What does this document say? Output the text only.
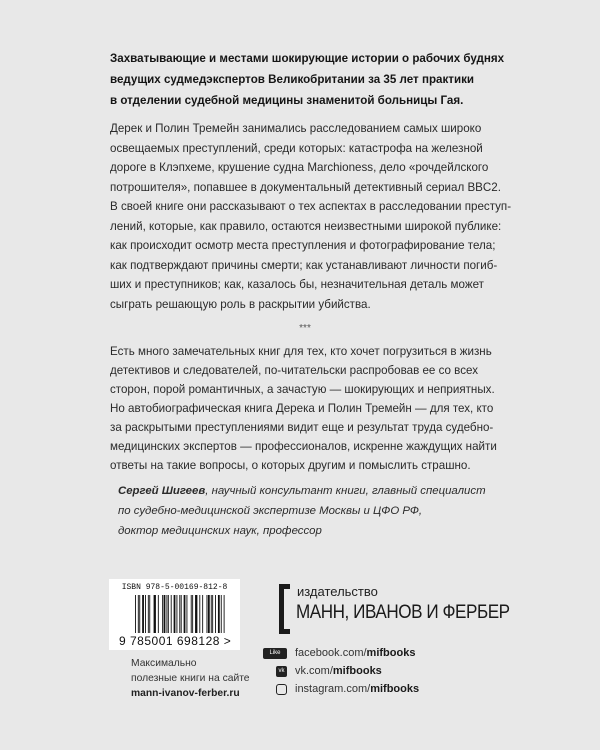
Захватывающие и местами шокирующие истории о рабочих буднях
ведущих судмедэкспертов Великобритании за 35 лет практики
в отделении судебной медицины знаменитой больницы Гая.
Дерек и Полин Тремейн занимались расследованием самых широко
освещаемых преступлений, среди которых: катастрофа на железной
дороге в Клэпхеме, крушение судна Marchioness, дело «рочдейлского
потрошителя», попавшее в документальный детективный сериал BBC2.
В своей книге они рассказывают о тех аспектах в расследовании преступ-
лений, которые, как правило, остаются неизвестными широкой публике:
как происходит осмотр места преступления и фотографирование тела;
как подтверждают причины смерти; как устанавливают личности погиб-
ших и преступников; как, казалось бы, незначительная деталь может
сыграть решающую роль в раскрытии убийства.
***
Есть много замечательных книг для тех, кто хочет погрузиться в жизнь
детективов и следователей, по-читательски распробовав ее со всех
сторон, порой романтичных, а зачастую — шокирующих и неприятных.
Но автобиографическая книга Дерека и Полин Тремейн — для тех, кто
за раскрытыми преступлениями видит еще и результат труда судебно-
медицинских экспертов — профессионалов, искренне жаждущих найти
ответы на такие вопросы, о которых другим и помыслить страшно.
Сергей Шигеев, научный консультант книги, главный специалист
по судебно-медицинской экспертизе Москвы и ЦФО РФ,
доктор медицинских наук, профессор
ISBN 978-5-00169-812-8
9 785001 698128 >
Максимально
полезные книги на сайте
mann-ivanov-ferber.ru
издательство
МАНН, ИВАНОВ И ФЕРБЕР
Like	facebook.com/ mifbooks
vk vk.com/ mifbooks
instagram.com/ mifbooks
